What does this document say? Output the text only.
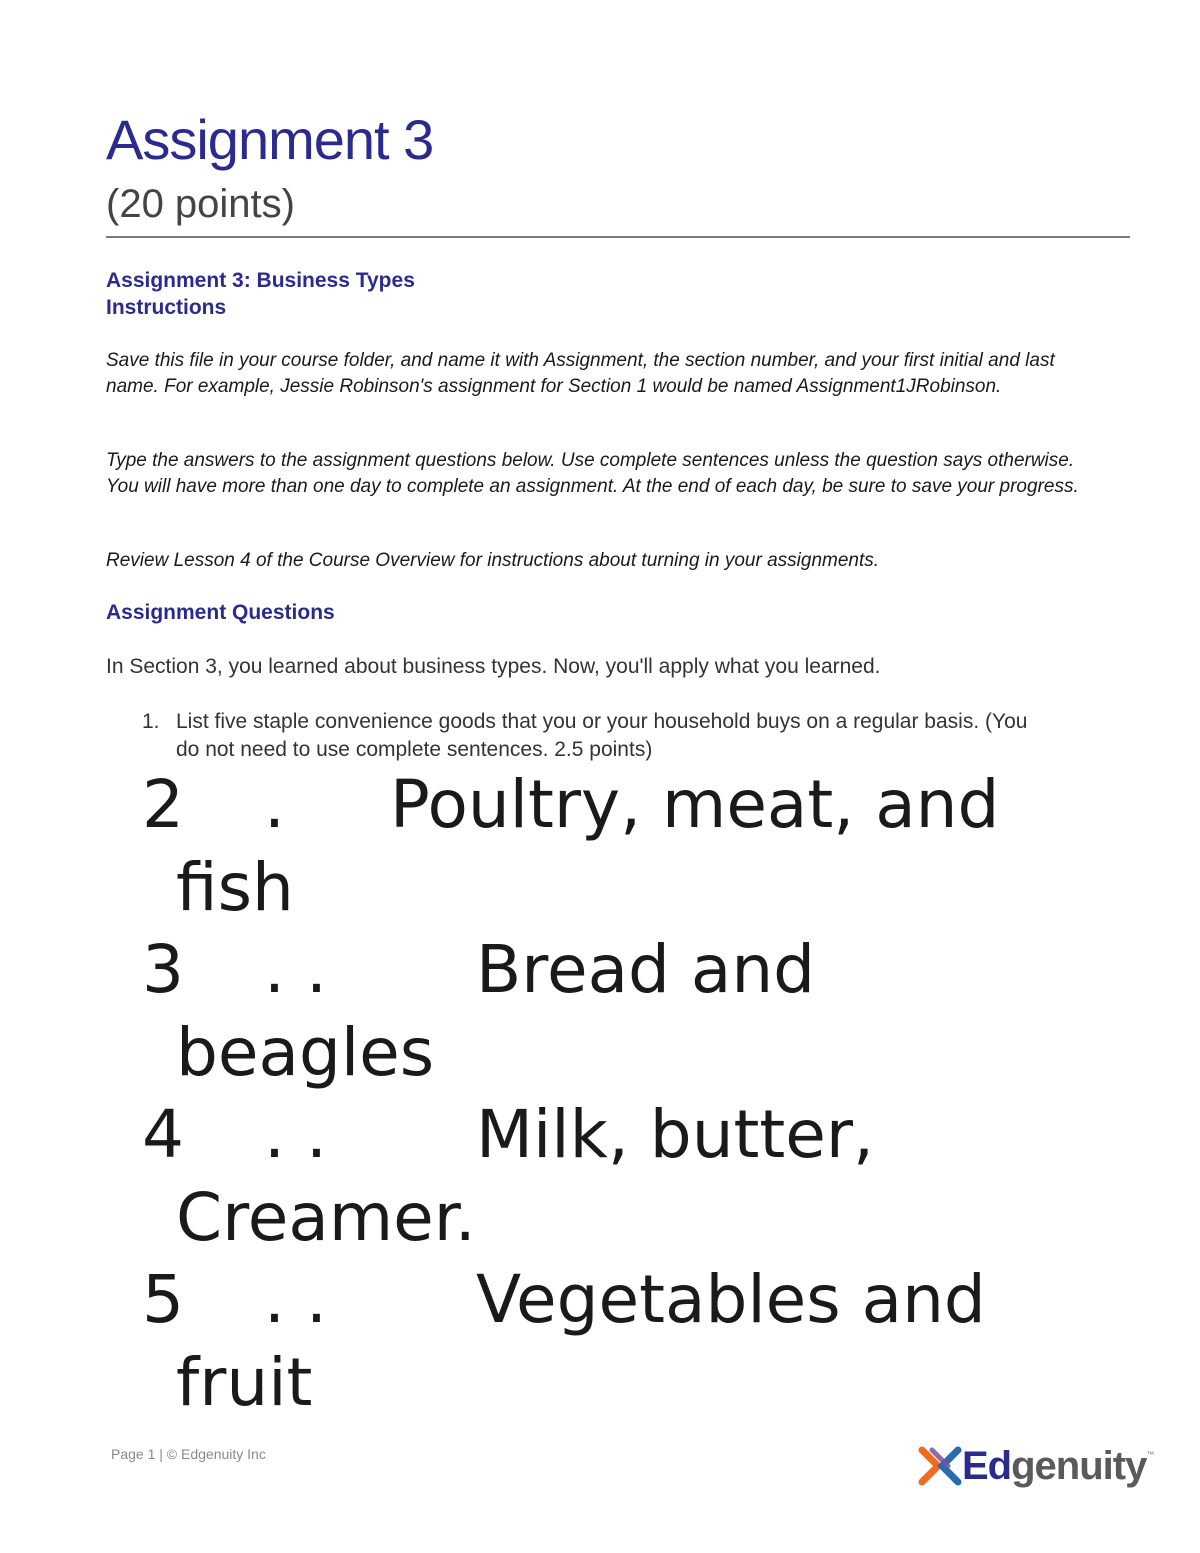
Assignment 3
(20 points)
Assignment 3: Business Types
Instructions
Save this file in your course folder, and name it with Assignment, the section number, and your first initial and last name. For example, Jessie Robinson's assignment for Section 1 would be named Assignment1JRobinson.
Type the answers to the assignment questions below. Use complete sentences unless the question says otherwise. You will have more than one day to complete an assignment. At the end of each day, be sure to save your progress.
Review Lesson 4 of the Course Overview for instructions about turning in your assignments.
Assignment Questions
In Section 3, you learned about business types. Now, you'll apply what you learned.
1. List five staple convenience goods that you or your household buys on a regular basis. (You do not need to use complete sentences. 2.5 points)
2 . Poultry, meat, and
fish
3 . . Bread and
beagles
4 . . Milk, butter,
Creamer.
5 . . Vegetables and
fruit
Page 1 | © Edgenuity Inc	Ed genuity ™
